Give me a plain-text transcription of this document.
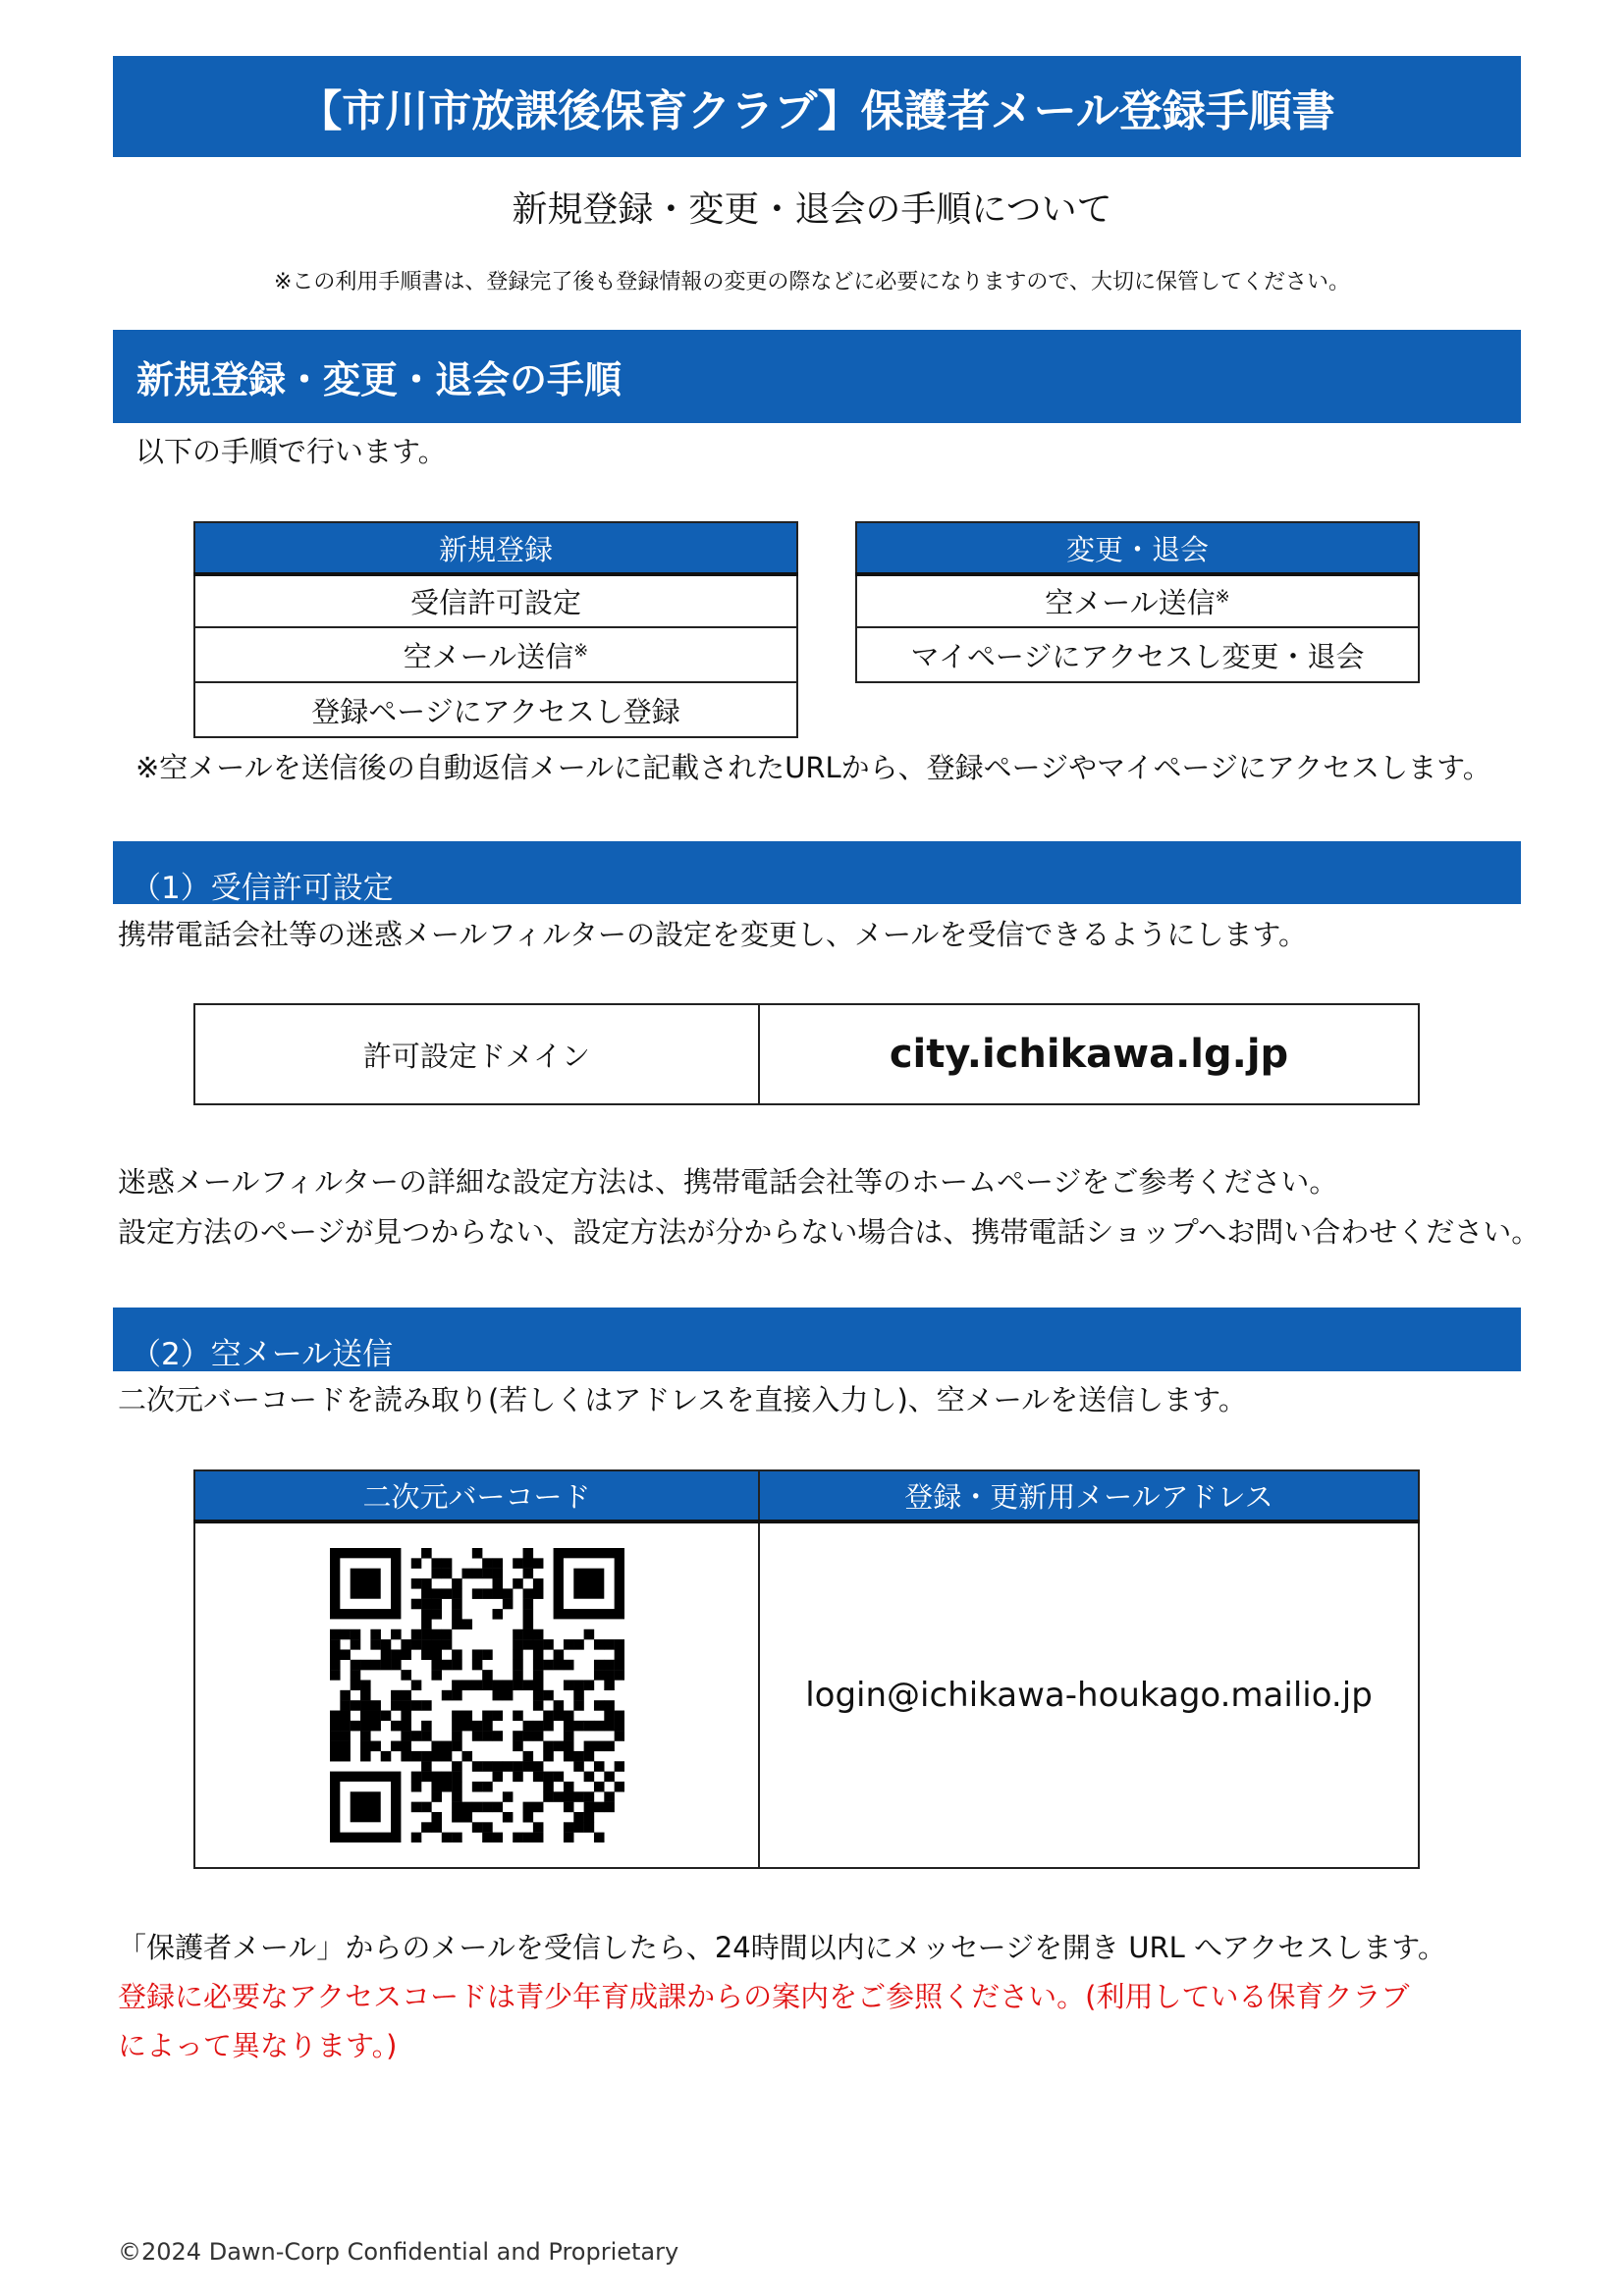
【市川市放課後保育クラブ】保護者メール登録手順書
新規登録・変更・退会の手順について
※この利用手順書は、登録完了後も登録情報の変更の際などに必要になりますので、大切に保管してください。
新規登録・変更・退会の手順
以下の手順で行います。
新規登録
受信許可設定
空メール送信※
登録ページにアクセスし登録
変更・退会
空メール送信※
マイページにアクセスし変更・退会
※空メールを送信後の自動返信メールに記載されたURLから、登録ページやマイページにアクセスします。
（1）受信許可設定
携帯電話会社等の迷惑メールフィルターの設定を変更し、メールを受信できるようにします。
許可設定ドメイン	city.ichikawa.lg.jp
迷惑メールフィルターの詳細な設定方法は、携帯電話会社等のホームページをご参考ください。
設定方法のページが見つからない、設定方法が分からない場合は、携帯電話ショップへお問い合わせください。
（2）空メール送信
二次元バーコードを読み取り(若しくはアドレスを直接入力し)、空メールを送信します。
二次元バーコード	登録・更新用メールアドレス

	login@ichikawa-houkago.mailio.jp
「保護者メール」からのメールを受信したら、24時間以内にメッセージを開き URL へアクセスします。
登録に必要なアクセスコードは青少年育成課からの案内をご参照ください。(利用している保育クラブ
によって異なります。)
©2024 Dawn-Corp Confidential and Proprietary
